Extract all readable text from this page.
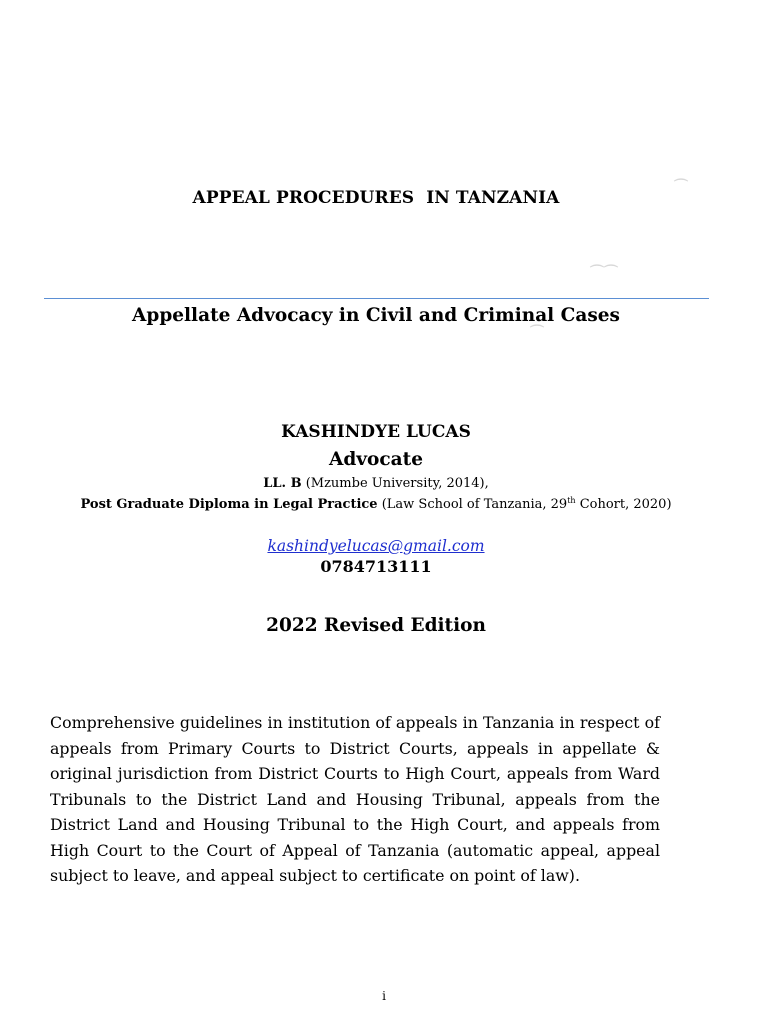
APPEAL PROCEDURES IN TANZANIA
⌒
⌒⌒
⌒
Appellate Advocacy in Civil and Criminal Cases
KASHINDYE LUCAS
Advocate
LL. B (Mzumbe University, 2014),
Post Graduate Diploma in Legal Practice (Law School of Tanzania, 29th Cohort, 2020)
kashindyelucas@gmail.com
0784713111
2022 Revised Edition
Comprehensive guidelines in institution of appeals in Tanzania in respect of appeals from Primary Courts to District Courts, appeals in appellate & original jurisdiction from District Courts to High Court, appeals from Ward Tribunals to the District Land and Housing Tribunal, appeals from the District Land and Housing Tribunal to the High Court, and appeals from High Court to the Court of Appeal of Tanzania (automatic appeal, appeal subject to leave, and appeal subject to certificate on point of law).
i
